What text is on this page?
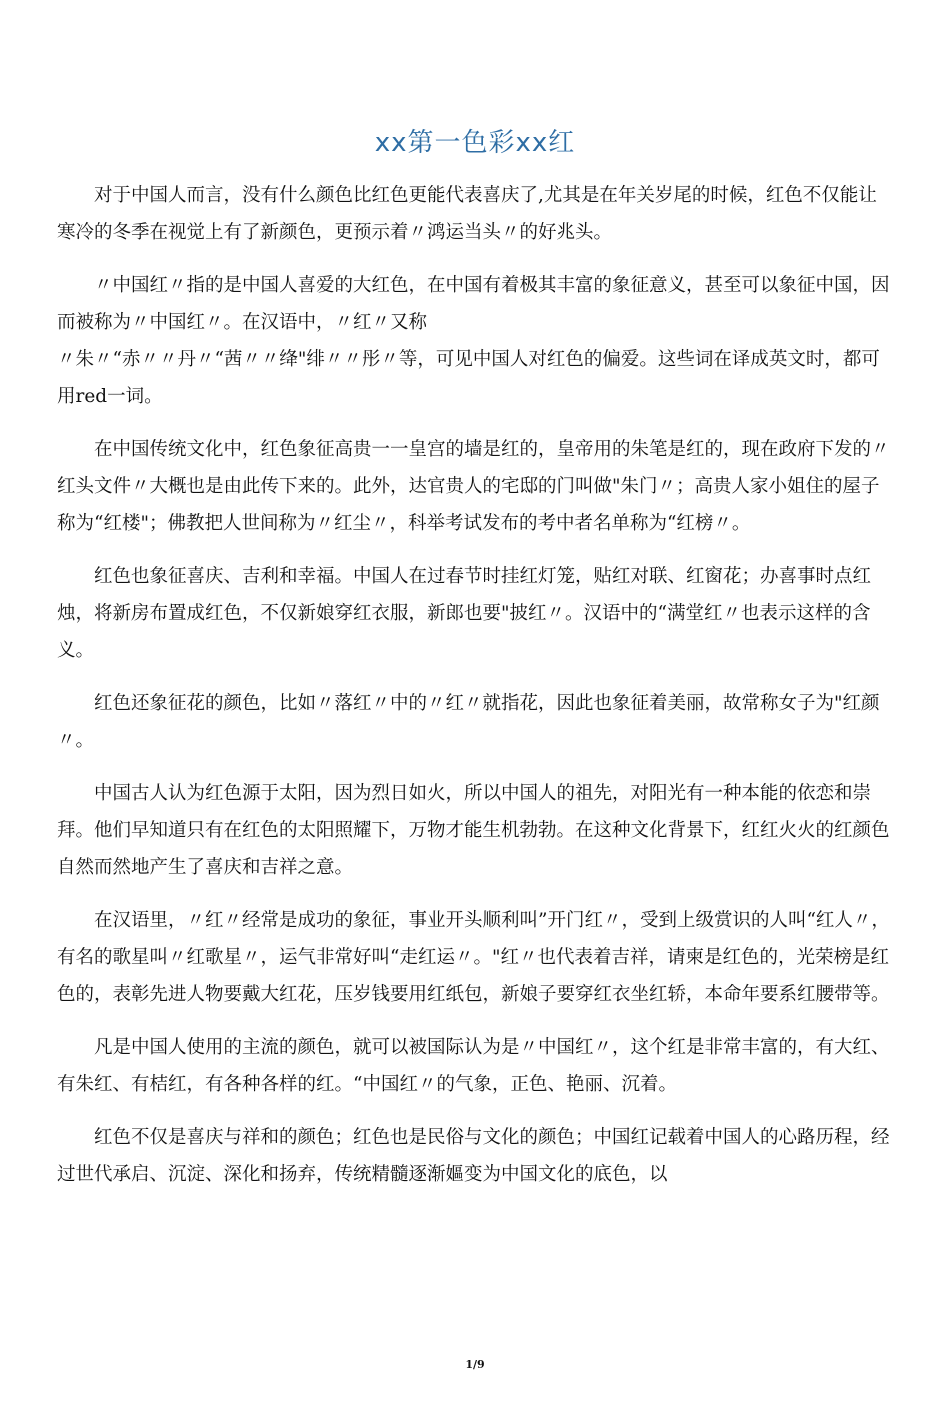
xx第一色彩xx红

对于中国人而言，没有什么颜色比红色更能代表喜庆了,尤其是在年关岁尾的时候，红色不仅能让寒冷的冬季在视觉上有了新颜色，更预示着〃鸿运当头〃的好兆头。

〃中国红〃指的是中国人喜爱的大红色，在中国有着极其丰富的象征意义，甚至可以象征中国，因而被称为〃中国红〃。在汉语中，〃红〃又称
〃朱〃“赤〃〃丹〃“茜〃〃绛"绯〃〃彤〃等，可见中国人对红色的偏爱。这些词在译成英文时，都可用red一词。

在中国传统文化中，红色象征高贵一一皇宫的墙是红的，皇帝用的朱笔是红的，现在政府下发的〃红头文件〃大概也是由此传下来的。此外，达官贵人的宅邸的门叫做"朱门〃；高贵人家小姐住的屋子称为“红楼"；佛教把人世间称为〃红尘〃，科举考试发布的考中者名单称为“红榜〃。

红色也象征喜庆、吉利和幸福。中国人在过春节时挂红灯笼，贴红对联、红窗花；办喜事时点红烛，将新房布置成红色，不仅新娘穿红衣服，新郎也要"披红〃。汉语中的“满堂红〃也表示这样的含义。

红色还象征花的颜色，比如〃落红〃中的〃红〃就指花，因此也象征着美丽，故常称女子为"红颜〃。

中国古人认为红色源于太阳，因为烈日如火，所以中国人的祖先，对阳光有一种本能的依恋和崇拜。他们早知道只有在红色的太阳照耀下，万物才能生机勃勃。在这种文化背景下，红红火火的红颜色自然而然地产生了喜庆和吉祥之意。

在汉语里，〃红〃经常是成功的象征，事业开头顺利叫”开门红〃，受到上级赏识的人叫“红人〃，有名的歌星叫〃红歌星〃，运气非常好叫“走红运〃。"红〃也代表着吉祥，请柬是红色的，光荣榜是红色的，表彰先进人物要戴大红花，压岁钱要用红纸包，新娘子要穿红衣坐红轿，本命年要系红腰带等。

凡是中国人使用的主流的颜色，就可以被国际认为是〃中国红〃，这个红是非常丰富的，有大红、有朱红、有桔红，有各种各样的红。“中国红〃的气象，正色、艳丽、沉着。

红色不仅是喜庆与祥和的颜色；红色也是民俗与文化的颜色；中国红记载着中国人的心路历程，经过世代承启、沉淀、深化和扬弃，传统精髓逐渐嫗变为中国文化的底色，以

1/9
